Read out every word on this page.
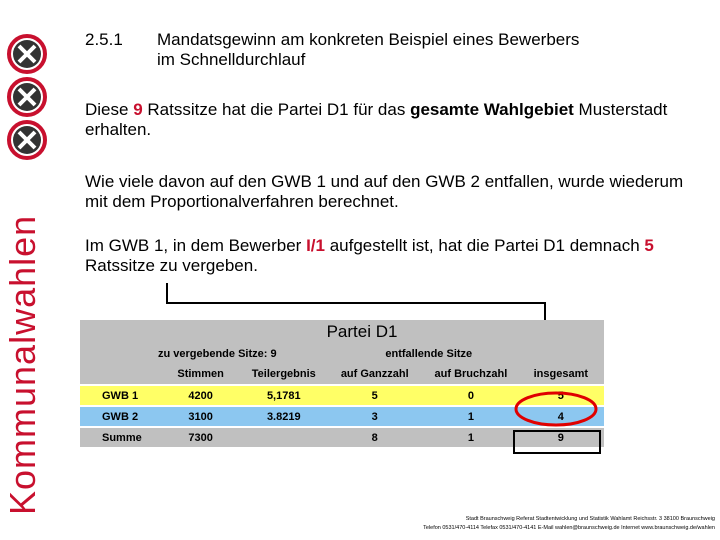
Kommunalwahlen
2.5.1 Mandatsgewinn am konkreten Beispiel eines Bewerbers
im Schnelldurchlauf
Diese 9 Ratssitze hat die Partei D1 für das gesamte Wahlgebiet Musterstadt erhalten.
Wie viele davon auf den GWB 1 und auf den GWB 2 entfallen, wurde wiederum mit dem Proportionalverfahren berechnet.
Im GWB 1, in dem Bewerber I/1 aufgestellt ist, hat die Partei D1 demnach 5 Ratssitze zu vergeben.
Partei D1					
zu vergebende Sitze: 9			entfallende Sitze		
	Stimmen	Teilergebnis	auf Ganzzahl	auf Bruchzahl	insgesamt
GWB 1	4200	5,1781	5	0	5
GWB 2	3100	3.8219	3	1	4
Summe	7300		8	1	9
Stadt Braunschweig Referat Stadtentwicklung und Statistik Wahlamt Reichsstr. 3 38100 Braunschweig
Telefon 0531/470-4114 Telefax 0531/470-4141 E-Mail wahlen@braunschweig.de Internet www.braunschweig.de/wahlen
